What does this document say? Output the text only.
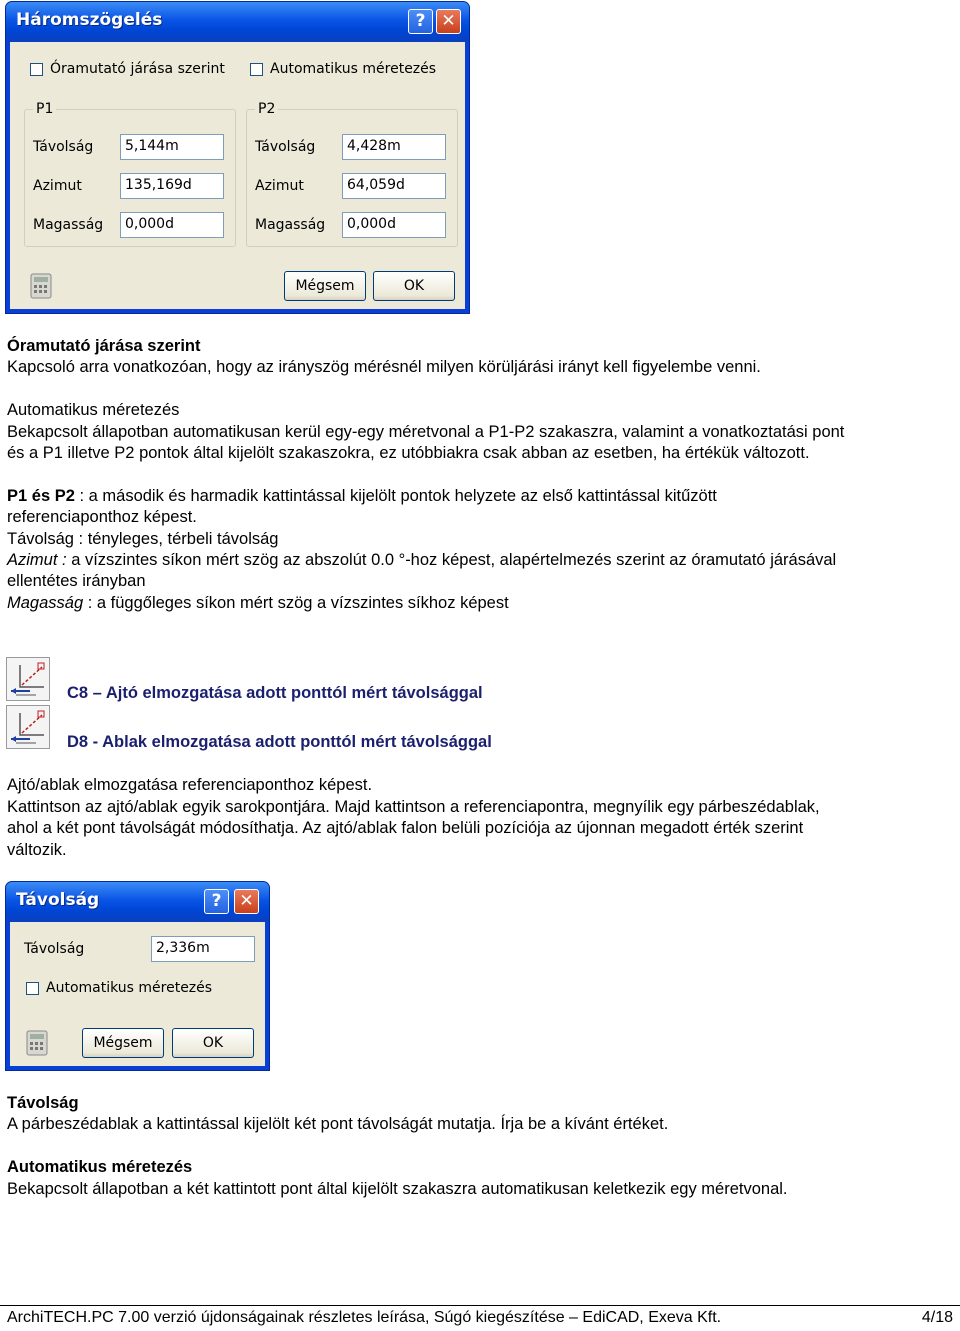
Háromszögelés	? ✕
Óramutató járása szerint	Automatikus méretezés
P1
Távolság	5,144m
Azimut	135,169d
Magasság	0,000d
P2
Távolság	4,428m
Azimut	64,059d
Magasság	0,000d
Mégsem	OK
Óramutató járása szerint
Kapcsoló arra vonatkozóan, hogy az irányszög mérésnél milyen körüljárási irányt kell figyelembe venni.
Automatikus méretezés
Bekapcsolt állapotban automatikusan kerül egy-egy méretvonal a P1-P2 szakaszra, valamint a vonatkoztatási pont
és a P1 illetve P2 pontok által kijelölt szakaszokra, ez utóbbiakra csak abban az esetben, ha értékük változott.
P1 és P2 : a második és harmadik kattintással kijelölt pontok helyzete az első kattintással kitűzött
referenciaponthoz képest.
Távolság : tényleges, térbeli távolság
Azimut : a vízszintes síkon mért szög az abszolút 0.0 °-hoz képest, alapértelmezés szerint az óramutató járásával
ellentétes irányban
Magasság : a függőleges síkon mért szög a vízszintes síkhoz képest
C8 – Ajtó elmozgatása adott ponttól mért távolsággal
D8 - Ablak elmozgatása adott ponttól mért távolsággal
Ajtó/ablak elmozgatása referenciaponthoz képest.
Kattintson az ajtó/ablak egyik sarokpontjára. Majd kattintson a referenciapontra, megnyílik egy párbeszédablak,
ahol a két pont távolságát módosíthatja. Az ajtó/ablak falon belüli pozíciója az újonnan megadott érték szerint
változik.
Távolság	?	✕
Távolság	2,336m
Automatikus méretezés
Mégsem	OK
Távolság
A párbeszédablak a kattintással kijelölt két pont távolságát mutatja. Írja be a kívánt értéket.
Automatikus méretezés
Bekapcsolt állapotban a két kattintott pont által kijelölt szakaszra automatikusan keletkezik egy méretvonal.
ArchiTECH.PC 7.00 verzió újdonságainak részletes leírása, Súgó kiegészítése – EdiCAD, Exeva Kft.	4/18
